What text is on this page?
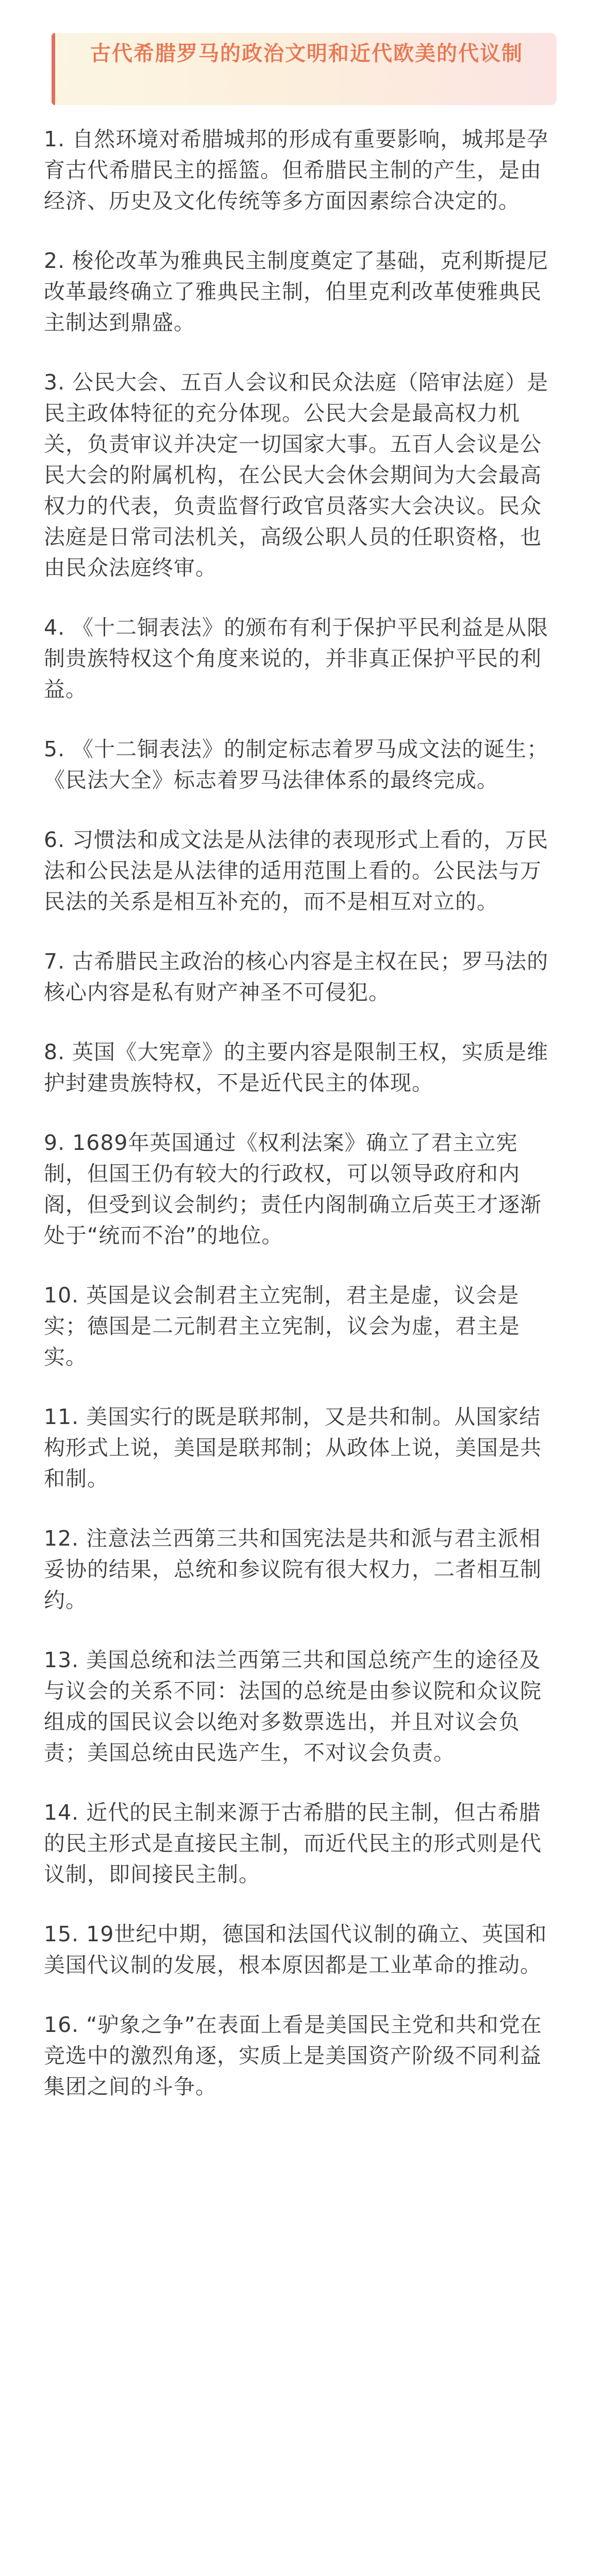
古代希腊罗马的政治文明和近代欧美的代议制

1. 自然环境对希腊城邦的形成有重要影响，城邦是孕育古代希腊民主的摇篮。但希腊民主制的产生，是由经济、历史及文化传统等多方面因素综合决定的。

2. 梭伦改革为雅典民主制度奠定了基础，克利斯提尼改革最终确立了雅典民主制，伯里克利改革使雅典民主制达到鼎盛。

3. 公民大会、五百人会议和民众法庭（陪审法庭）是民主政体特征的充分体现。公民大会是最高权力机关，负责审议并决定一切国家大事。五百人会议是公民大会的附属机构，在公民大会休会期间为大会最高权力的代表，负责监督行政官员落实大会决议。民众法庭是日常司法机关，高级公职人员的任职资格，也由民众法庭终审。

4. 《十二铜表法》的颁布有利于保护平民利益是从限制贵族特权这个角度来说的，并非真正保护平民的利益。

5. 《十二铜表法》的制定标志着罗马成文法的诞生；《民法大全》标志着罗马法律体系的最终完成。

6. 习惯法和成文法是从法律的表现形式上看的，万民法和公民法是从法律的适用范围上看的。公民法与万民法的关系是相互补充的，而不是相互对立的。

7. 古希腊民主政治的核心内容是主权在民；罗马法的核心内容是私有财产神圣不可侵犯。

8. 英国《大宪章》的主要内容是限制王权，实质是维护封建贵族特权，不是近代民主的体现。

9. 1689年英国通过《权利法案》确立了君主立宪制，但国王仍有较大的行政权，可以领导政府和内阁，但受到议会制约；责任内阁制确立后英王才逐渐处于“统而不治”的地位。

10. 英国是议会制君主立宪制，君主是虚，议会是实；德国是二元制君主立宪制，议会为虚，君主是实。

11. 美国实行的既是联邦制，又是共和制。从国家结构形式上说，美国是联邦制；从政体上说，美国是共和制。

12. 注意法兰西第三共和国宪法是共和派与君主派相妥协的结果，总统和参议院有很大权力，二者相互制约。

13. 美国总统和法兰西第三共和国总统产生的途径及与议会的关系不同：法国的总统是由参议院和众议院组成的国民议会以绝对多数票选出，并且对议会负责；美国总统由民选产生，不对议会负责。

14. 近代的民主制来源于古希腊的民主制，但古希腊的民主形式是直接民主制，而近代民主的形式则是代议制，即间接民主制。

15. 19世纪中期，德国和法国代议制的确立、英国和美国代议制的发展，根本原因都是工业革命的推动。

16. “驴象之争”在表面上看是美国民主党和共和党在竞选中的激烈角逐，实质上是美国资产阶级不同利益集团之间的斗争。
